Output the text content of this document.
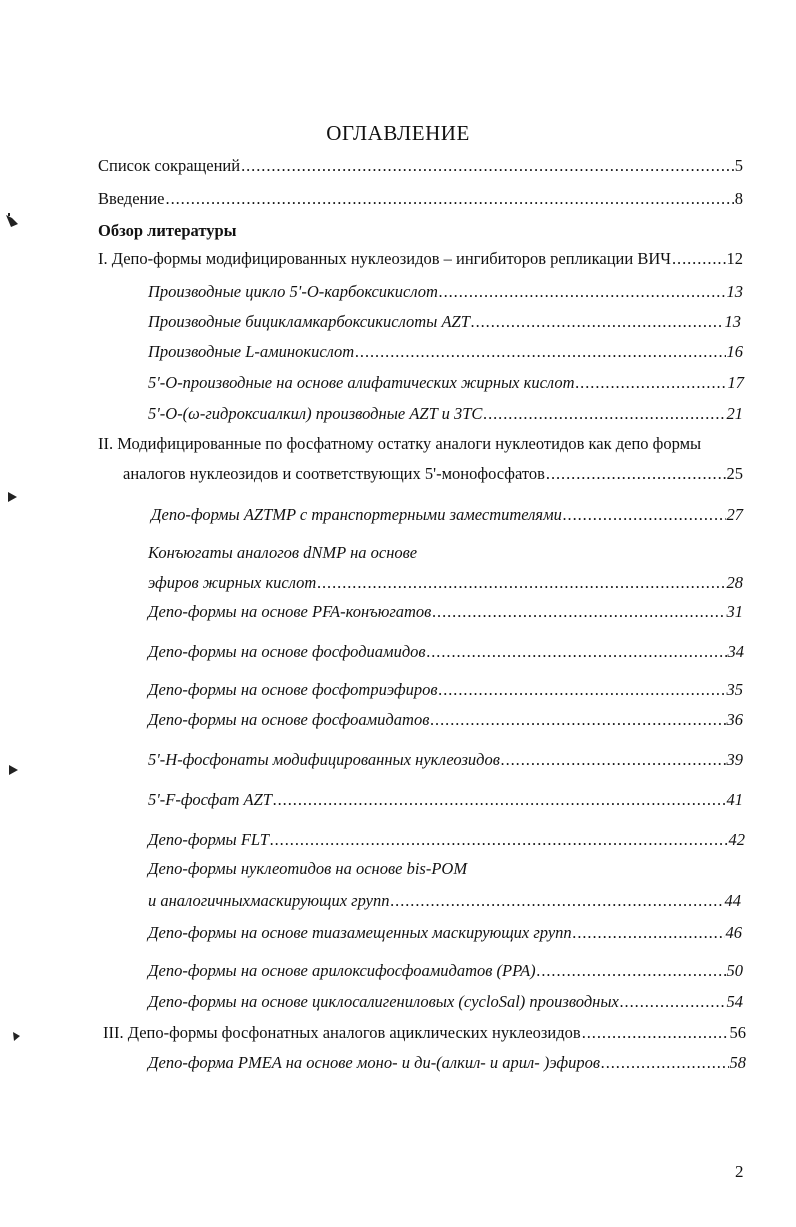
ОГЛАВЛЕНИЕ
Список сокращений . . .	5
Введение . . .	8
Обзор литературы
I. Депо-формы модифицированных нуклеозидов – ингибиторов репликации ВИЧ . . .	12
Производные цикло 5'-О-карбоксикислот . . .	13
Производные бицикламкарбоксикислоты AZT . . .	13
Производные L-аминокислот . . .	16
5'-О-производные на основе алифатических жирных кислот . . .	17
5'-О-(ω-гидроксиалкил) производные AZT и 3TC . . .	21
II. Модифицированные по фосфатному остатку аналоги нуклеотидов как депо формы
аналогов нуклеозидов и соответствующих 5'-монофосфатов . . .	25
Депо-формы AZTMP с транспортерными заместителями . . .	27
Конъюгаты аналогов dNMP на основе
эфиров жирных кислот . . .	28
Депо-формы на основе PFA-конъюгатов . . .	31
Депо-формы на основе фосфодиамидов . . .	34
Депо-формы на основе фосфотриэфиров . . .	35
Депо-формы на основе фосфоамидатов . . .	36
5'-Н-фосфонаты модифицированных нуклеозидов . . .	39
5'-F-фосфат AZT . . .	41
Депо-формы FLT . . .	42
Депо-формы нуклеотидов на основе bis-POM
и аналогичныхмаскирующих групп . . .	44
Депо-формы на основе тиазамещенных маскирующих групп . . .	46
Депо-формы на основе арилоксифосфоамидатов (PPA) . . .	50
Депо-формы на основе циклосалигениловых (cycloSal) производных . . .	54
III. Депо-формы фосфонатных аналогов ациклических нуклеозидов . . .	56
Депо-форма PMEA на основе моно- и ди-(алкил- и арил- )эфиров . . .	58
2
